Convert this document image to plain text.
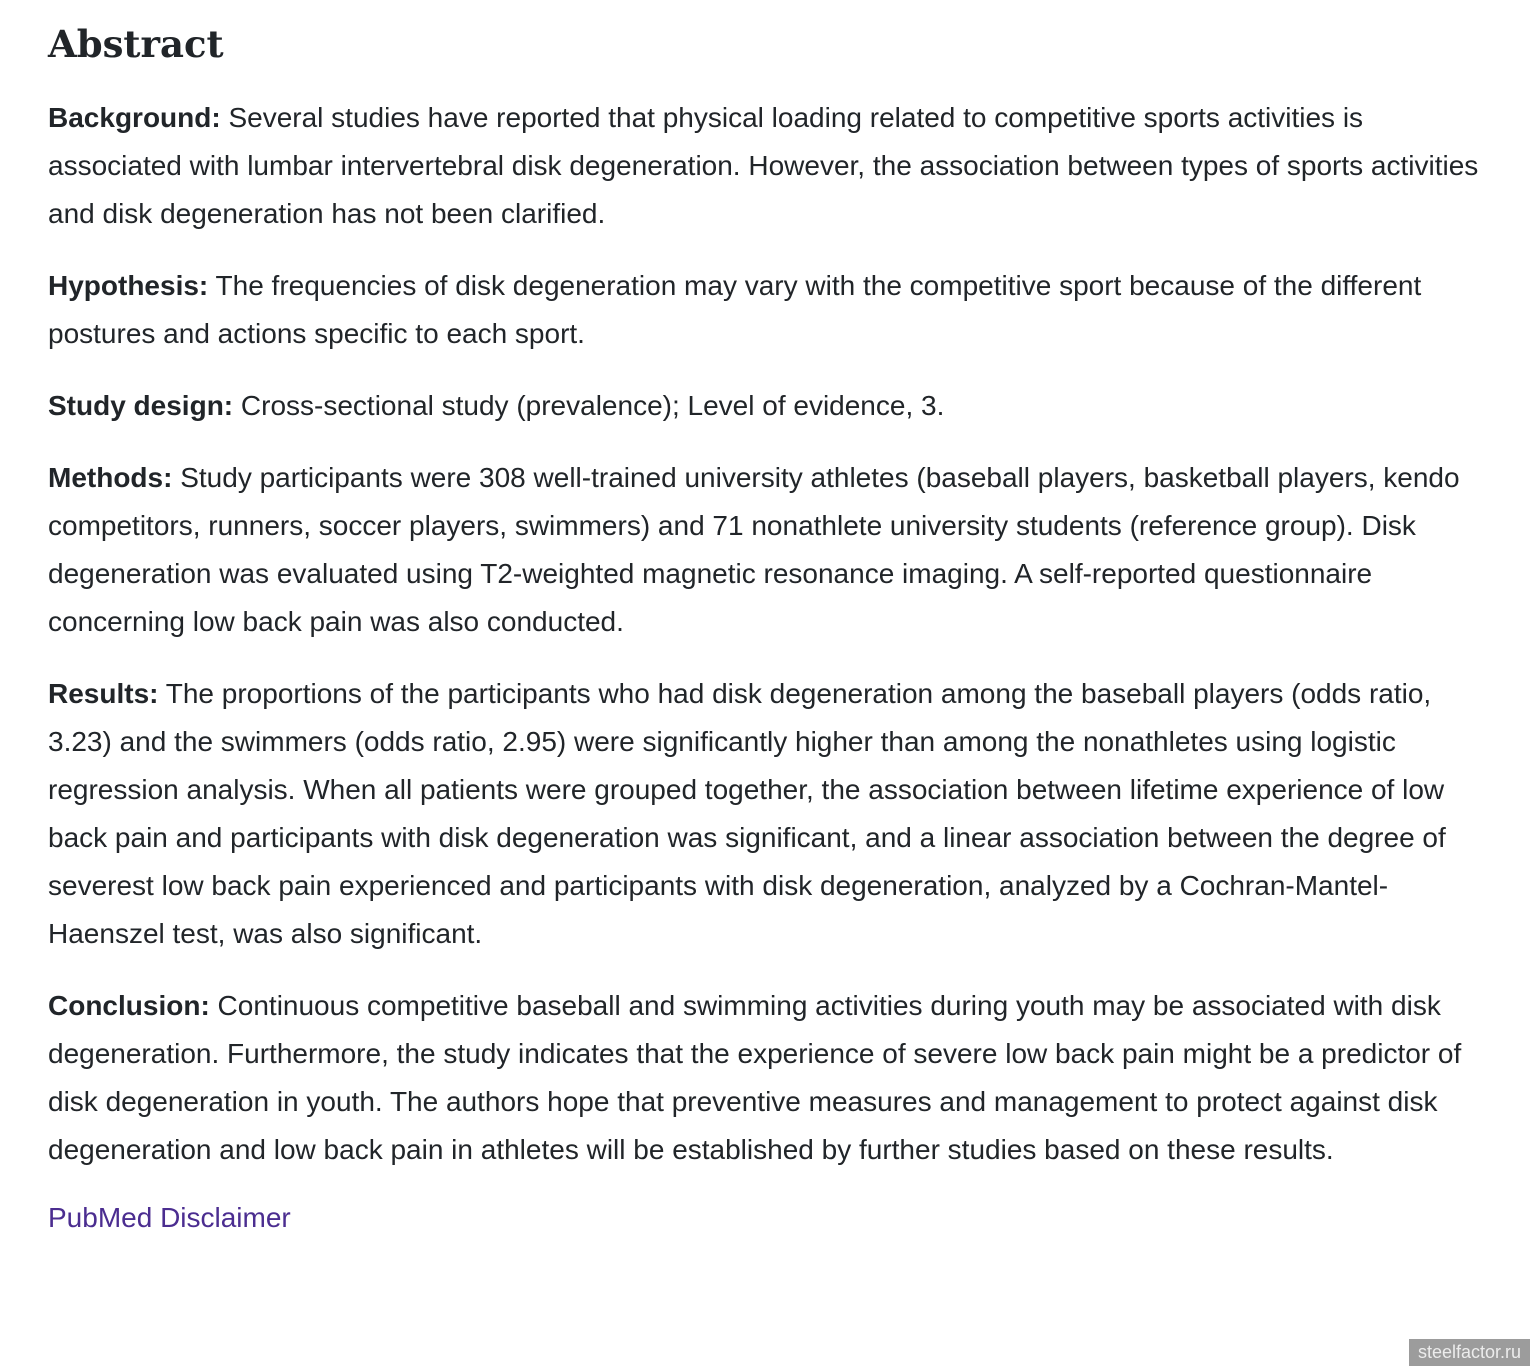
Abstract

Background: Several studies have reported that physical loading related to competitive sports activities is associated with lumbar intervertebral disk degeneration. However, the association between types of sports activities and disk degeneration has not been clarified.

Hypothesis: The frequencies of disk degeneration may vary with the competitive sport because of the different postures and actions specific to each sport.

Study design: Cross-sectional study (prevalence); Level of evidence, 3.

Methods: Study participants were 308 well-trained university athletes (baseball players, basketball players, kendo competitors, runners, soccer players, swimmers) and 71 nonathlete university students (reference group). Disk degeneration was evaluated using T2-weighted magnetic resonance imaging. A self-reported questionnaire concerning low back pain was also conducted.

Results: The proportions of the participants who had disk degeneration among the baseball players (odds ratio, 3.23) and the swimmers (odds ratio, 2.95) were significantly higher than among the nonathletes using logistic regression analysis. When all patients were grouped together, the association between lifetime experience of low back pain and participants with disk degeneration was significant, and a linear association between the degree of severest low back pain experienced and participants with disk degeneration, analyzed by a Cochran-Mantel-Haenszel test, was also significant.

Conclusion: Continuous competitive baseball and swimming activities during youth may be associated with disk degeneration. Furthermore, the study indicates that the experience of severe low back pain might be a predictor of disk degeneration in youth. The authors hope that preventive measures and management to protect against disk degeneration and low back pain in athletes will be established by further studies based on these results.

PubMed Disclaimer
steelfactor.ru
